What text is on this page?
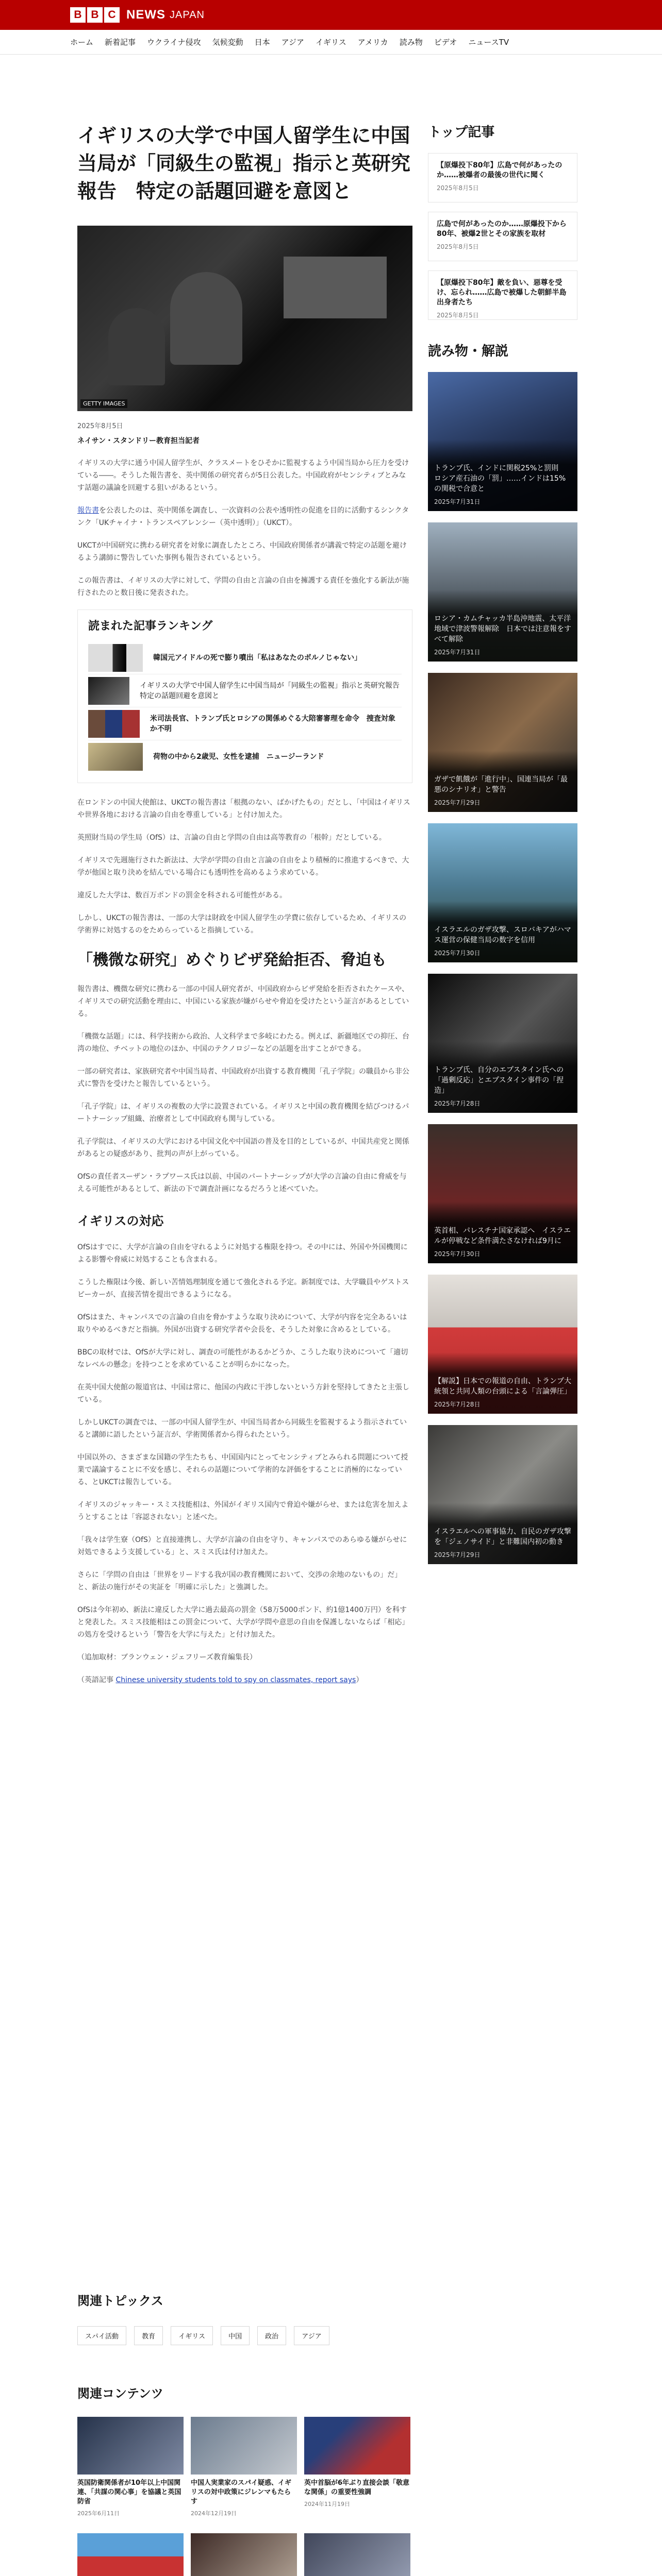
B B C NEWS JAPAN
ホーム 新着記事 ウクライナ侵攻 気候変動 日本 アジア イギリス アメリカ 読み物 ビデオ ニュースTV
イギリスの大学で中国人留学生に中国当局が「同級生の監視」指示と英研究報告　特定の話題回避を意図と
GETTY IMAGES
2025年8月5日
ネイサン・スタンドリー教育担当記者

イギリスの大学に通う中国人留学生が、クラスメートをひそかに監視するよう中国当局から圧力を受けている――。そうした報告書を、英中関係の研究者らが5日公表した。中国政府がセンシティブとみなす話題の議論を回避する狙いがあるという。

報告書を公表したのは、英中関係を調査し、一次資料の公表や透明性の促進を目的に活動するシンクタンク「UKチャイナ・トランスペアレンシー（英中透明）」（UKCT）。

UKCTが中国研究に携わる研究者を対象に調査したところ、中国政府関係者が講義で特定の話題を避けるよう講師に警告していた事例も報告されているという。

この報告書は、イギリスの大学に対して、学問の自由と言論の自由を擁護する責任を強化する新法が施行されたのと数日後に発表された。

読まれた記事ランキング
韓国元アイドルの死で膨り噴出「私はあなたのボルノじゃない」
イギリスの大学で中国人留学生に中国当局が「同級生の監視」指示と英研究報告　特定の話題回避を意図と
米司法長官、トランプ氏とロシアの関係めぐる大陪審審理を命令　捜査対象か不明
荷物の中から2歳児、女性を逮捕　ニュージーランド

在ロンドンの中国大使館は、UKCTの報告書は「根拠のない、ばかげたもの」だとし、「中国はイギリスや世界各地における言論の自由を尊重している」と付け加えた。

英照財当局の学生局（OfS）は、言論の自由と学問の自由は高等教育の「根幹」だとしている。

イギリスで先週施行された新法は、大学が学問の自由と言論の自由をより積極的に推進するべきで、大学が他国と取り決めを結んでいる場合にも透明性を高めるよう求めている。

違反した大学は、数百万ポンドの罰金を科される可能性がある。

しかし、UKCTの報告書は、一部の大学は財政を中国人留学生の学費に依存しているため、イギリスの学術界に対処するのをためらっていると指摘している。

「機微な研究」めぐりビザ発給拒否、脅迫も

報告書は、機微な研究に携わる一部の中国人研究者が、中国政府からビザ発給を拒否されたケースや、イギリスでの研究活動を理由に、中国にいる家族が嫌がらせや脅迫を受けたという証言があるとしている。

「機微な話題」には、科学技術から政治、人文科学まで多岐にわたる。例えば、新疆地区での抑圧、台湾の地位、チベットの地位のほか、中国のテクノロジーなどの話題を出すことができる。

一部の研究者は、家族研究者や中国当局者、中国政府が出資する教育機関「孔子学院」の職員から非公式に警告を受けたと報告しているという。

「孔子学院」は、イギリスの複数の大学に設置されている。イギリスと中国の教育機関を結びつけるパートナーシップ組織、治療者として中国政府も関与している。

孔子学院は、イギリスの大学における中国文化や中国語の普及を目的としているが、中国共産党と関係があるとの疑惑があり、批判の声が上がっている。

OfSの責任者スーザン・ラプワース氏は以前、中国のパートナーシップが大学の言論の自由に脅威を与える可能性があるとして、新法の下で調査計画になるだろうと述べていた。

イギリスの対応

OfSはすでに、大学が言論の自由を守れるように対処する権限を持つ。その中には、外国や外国機関による影響や脅威に対処することも含まれる。

こうした権限は今後、新しい苦情処理制度を通じて強化される予定。新制度では、大学職員やゲストスピーカーが、直接苦情を提出できるようになる。

OfSはまた、キャンパスでの言論の自由を脅かすような取り決めについて、大学が内容を完全あるいは取りやめるべきだと指摘。外国が出資する研究学者や会長を、そうした対象に含めるとしている。

BBCの取材では、OfSが大学に対し、調査の可能性があるかどうか、こうした取り決めについて「適切なレベルの懸念」を持つことを求めていることが明らかになった。

在英中国大使館の報道官は、中国は常に、他国の内政に干渉しないという方針を堅持してきたと主張している。

しかしUKCTの調査では、一部の中国人留学生が、中国当局者から同級生を監視するよう指示されていると講師に語したという証言が、学術関係者から得られたという。

中国以外の、さまざまな国籍の学生たちも、中国国内にとってセンシティブとみられる問題について授業で議論することに不安を感じ、それらの話題について学術的な評価をすることに消極的になっている、とUKCTは報告している。

イギリスのジャッキー・スミス技能相は、外国がイギリス国内で脅迫や嫌がらせ、または危害を加えようとすることは「容認されない」と述べた。

「我々は学生寮（OfS）と直接連携し、大学が言論の自由を守り、キャンパスでのあらゆる嫌がらせに対処できるよう支援している」と、スミス氏は付け加えた。

さらに「学問の自由は「世界をリードする我が国の教育機関において、交渉の余地のないもの」だ」と、新法の施行がその実証を「明確に示した」と強調した。

OfSは今年初め、新法に違反した大学に過去最高の罰金（58万5000ポンド、約1億1400万円）を科すと発表した。スミス技能相はこの罰金について、大学が学問や意思の自由を保護しないならば「相応」の処方を受けるという「警告を大学に与えた」と付け加えた。

（追加取材：ブランウェン・ジェフリーズ教育編集長）

（英語記事 Chinese university students told to spy on classmates, report says）

トップ記事
【原爆投下80年】広島で何があったのか……被爆者の最後の世代に聞く
2025年8月5日
広島で何があったのか……原爆投下から80年、被爆2世とその家族を取材
2025年8月5日
【原爆投下80年】敵を負い、惡尊を受け、忘られ……広島で被爆した朝鮮半島出身者たち
2025年8月5日
読み物・解説
トランプ氏、インドに関税25%と罰則　ロシア産石油の「罰」……インドは15%の関税で合意と
2025年7月31日
ロシア・カムチャッカ半島沖地震、太平洋地域で津波警報解除　日本では注意報をすべて解除
2025年7月31日
ガザで飢餓が「進行中」、国連当局が「最悪のシナリオ」と警告
2025年7月29日
イスラエルのガザ攻撃、スロバキアがハマス運営の保健当局の数字を信用
2025年7月30日
トランプ氏、自分のエプスタイン氏への「過剰反応」とエプスタイン事件の「捏造」
2025年7月28日
英首相、パレスチナ国家承認へ　イスラエルが停戦など条件満たさなければ9月に
2025年7月30日
【解説】日本での報道の自由、トランプ大統領と共同人類の台頭による「言論弾圧」
2025年7月28日
イスラエルへの軍事協力、自民のガザ攻撃を「ジェノサイド」と非難国内初の動き
2025年7月29日
関連トピックス
スパイ活動	教育	イギリス	中国	政治	アジア
関連コンテンツ
英国防衛関係者が10年以上中国関連、「共謀の関心事」を協議と英国防省
2025年6月11日
中国人実業家のスパイ疑惑、イギリスの対中政策にジレンマもたらす
2024年12月19日
英中首脳が6年ぶり直接会談「敬意な関係」の重要性強調
2024年11月19日
